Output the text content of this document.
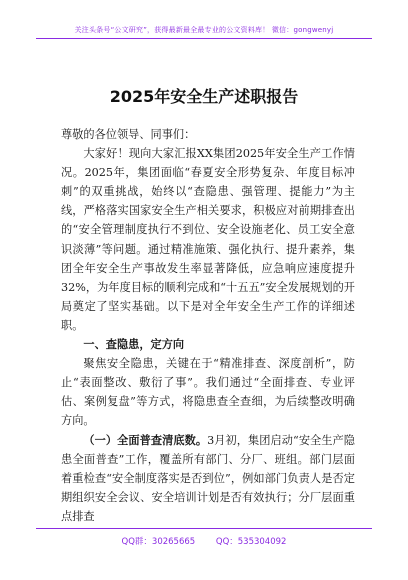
关注头条号“公文研究”，获得最新最全最专业的公文资料库！ 微信：gongwenyj
2025年安全生产述职报告

尊敬的各位领导、同事们：

大家好！现向大家汇报XX集团2025年安全生产工作情况。2025年，集团面临“春夏安全形势复杂、年度目标冲刺”的双重挑战，始终以“查隐患、强管理、提能力”为主线，严格落实国家安全生产相关要求，积极应对前期排查出的“安全管理制度执行不到位、安全设施老化、员工安全意识淡薄”等问题。通过精准施策、强化执行、提升素养，集团全年安全生产事故发生率显著降低，应急响应速度提升32%，为年度目标的顺利完成和“十五五”安全发展规划的开局奠定了坚实基础。以下是对全年安全生产工作的详细述职。

一、查隐患，定方向

聚焦安全隐患，关键在于“精准排查、深度剖析”，防止“表面整改、敷衍了事”。我们通过“全面排查、专业评估、案例复盘”等方式，将隐患查全查细，为后续整改明确方向。

（一）全面普查清底数。3月初，集团启动“安全生产隐患全面普查”工作，覆盖所有部门、分厂、班组。部门层面着重检查“安全制度落实是否到位”，例如部门负责人是否定期组织安全会议、安全培训计划是否有效执行；分厂层面重点排查

QQ群：30265665 QQ：535304092
